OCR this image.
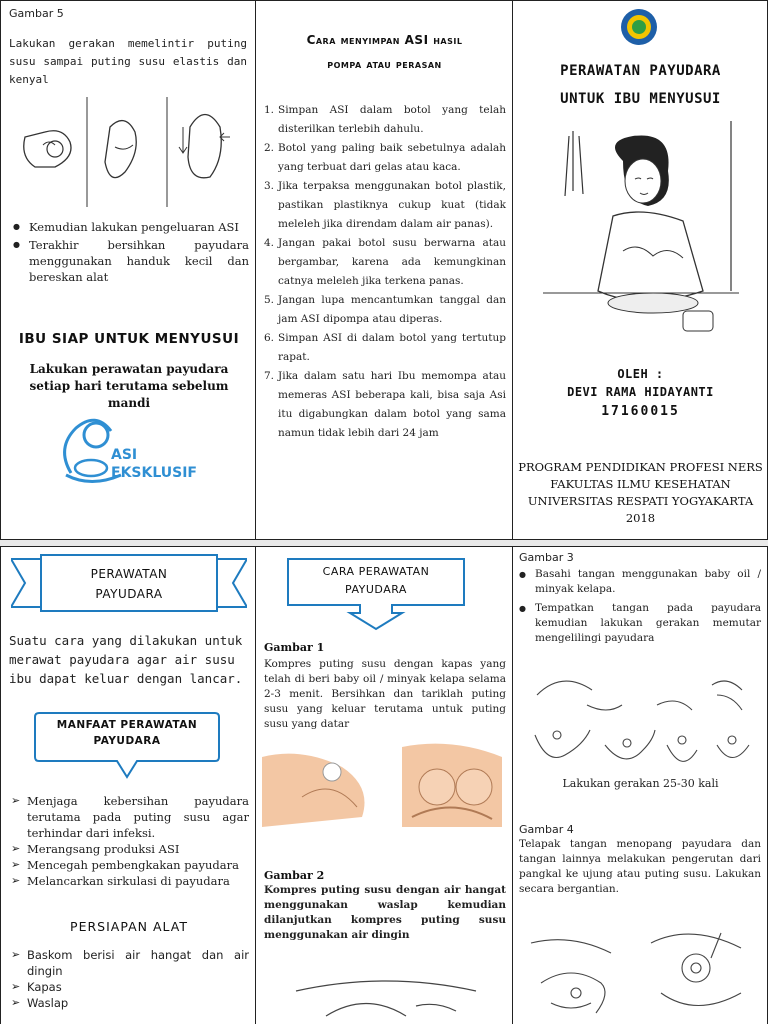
Gambar 5
Lakukan gerakan memelintir puting susu sampai puting susu elastis dan kenyal
● Kemudian lakukan pengeluaran ASI
● Terakhir bersihkan payudara menggunakan handuk kecil dan bereskan alat
IBU SIAP UNTUK MENYUSUI
Lakukan perawatan payudara setiap hari terutama sebelum mandi
ASI
EKSKLUSIF
Cara menyimpan ASI hasil
pompa atau perasan
1. Simpan ASI dalam botol yang telah disterilkan terlebih dahulu.
2. Botol yang paling baik sebetulnya adalah yang terbuat dari gelas atau kaca.
3. Jika terpaksa menggunakan botol plastik, pastikan plastiknya cukup kuat (tidak meleleh jika direndam dalam air panas).
4. Jangan pakai botol susu berwarna atau bergambar, karena ada kemungkinan catnya meleleh jika terkena panas.
5. Jangan lupa mencantumkan tanggal dan jam ASI dipompa atau diperas.
6. Simpan ASI di dalam botol yang tertutup rapat.
7. Jika dalam satu hari Ibu memompa atau memeras ASI beberapa kali, bisa saja Asi itu digabungkan dalam botol yang sama namun tidak lebih dari 24 jam
PERAWATAN PAYUDARA
UNTUK IBU MENYUSUI
OLEH :
DEVI RAMA HIDAYANTI
17160015
PROGRAM PENDIDIKAN PROFESI NERS
FAKULTAS ILMU KESEHATAN
UNIVERSITAS RESPATI YOGYAKARTA
2018
PERAWATAN
PAYUDARA
Suatu cara yang dilakukan untuk merawat payudara agar air susu ibu dapat keluar dengan lancar.
MANFAAT PERAWATAN
PAYUDARA
➢ Menjaga kebersihan payudara terutama pada puting susu agar terhindar dari infeksi.
➢ Merangsang produksi ASI
➢ Mencegah pembengkakan payudara
➢ Melancarkan sirkulasi di payudara
PERSIAPAN ALAT
➢ Baskom berisi air hangat dan air dingin
➢ Kapas
➢ Waslap
CARA PERAWATAN
PAYUDARA
Gambar 1
Kompres puting susu dengan kapas yang telah di beri baby oil / minyak kelapa selama 2-3 menit. Bersihkan dan tariklah puting susu yang keluar terutama untuk puting susu yang datar
Gambar 2
Kompres puting susu dengan air hangat menggunakan waslap kemudian dilanjutkan kompres puting susu menggunakan air dingin
Gambar 3
● Basahi tangan menggunakan baby oil / minyak kelapa.
● Tempatkan tangan pada payudara kemudian lakukan gerakan memutar mengelilingi payudara
Lakukan gerakan 25-30 kali
Gambar 4
Telapak tangan menopang payudara dan tangan lainnya melakukan pengerutan dari pangkal ke ujung atau puting susu. Lakukan secara bergantian.
